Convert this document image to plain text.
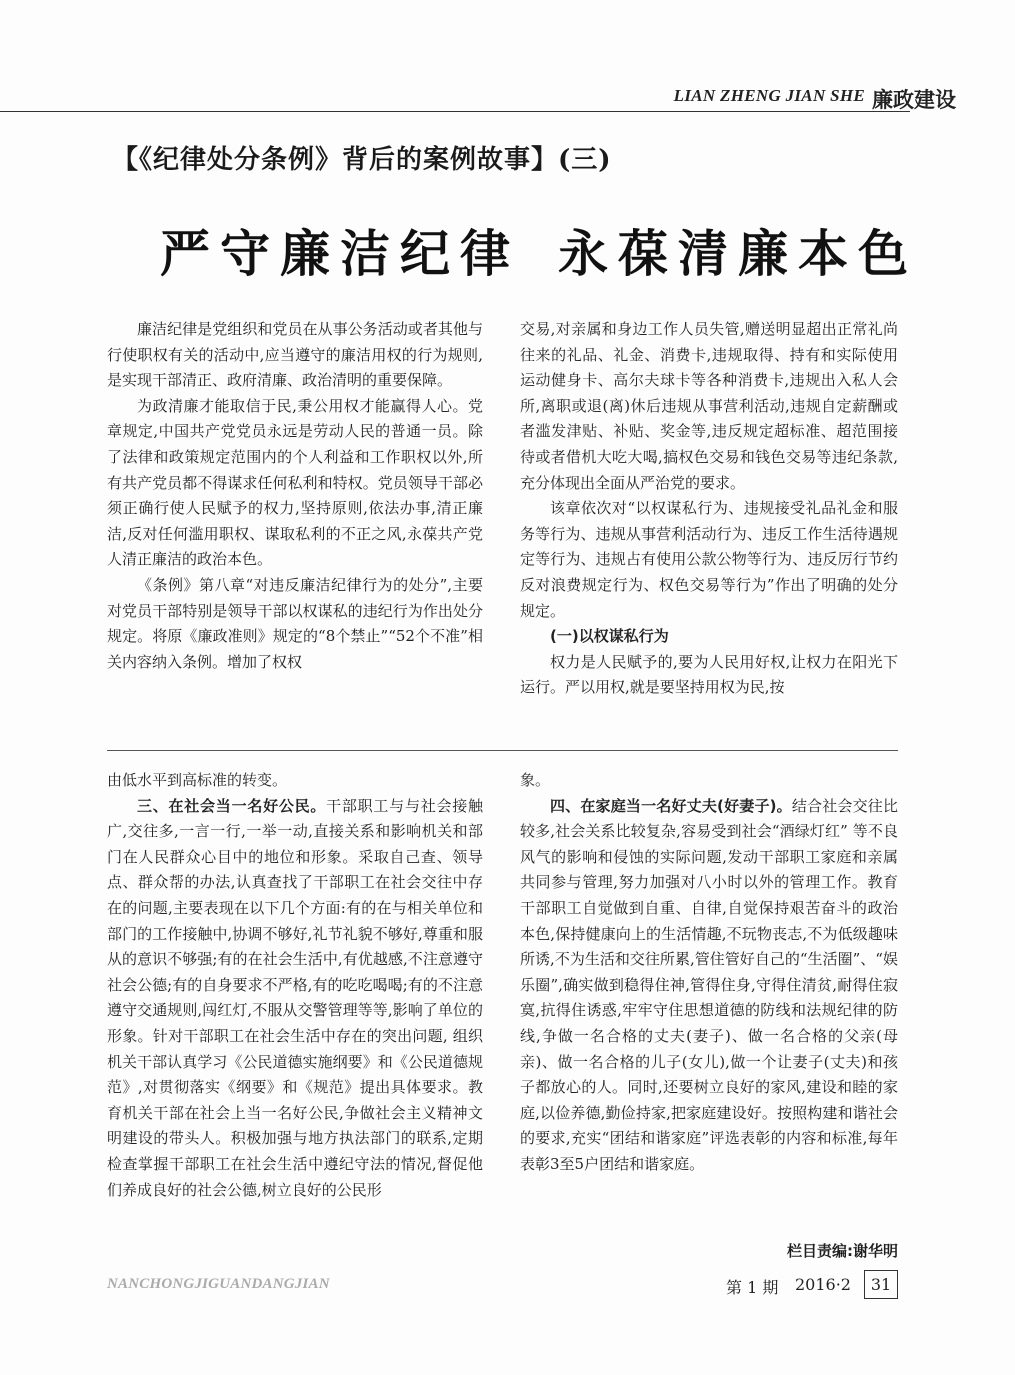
LIAN ZHENG JIAN SHE 廉政建设
【《纪律处分条例》背后的案例故事】(三)
严守廉洁纪律 永葆清廉本色

廉洁纪律是党组织和党员在从事公务活动或者其他与行使职权有关的活动中,应当遵守的廉洁用权的行为规则,是实现干部清正、政府清廉、政治清明的重要保障。

为政清廉才能取信于民,秉公用权才能赢得人心。党章规定,中国共产党党员永远是劳动人民的普通一员。除了法律和政策规定范围内的个人利益和工作职权以外,所有共产党员都不得谋求任何私利和特权。党员领导干部必须正确行使人民赋予的权力,坚持原则,依法办事,清正廉洁,反对任何滥用职权、谋取私利的不正之风,永葆共产党人清正廉洁的政治本色。

《条例》第八章“对违反廉洁纪律行为的处分”,主要对党员干部特别是领导干部以权谋私的违纪行为作出处分规定。将原《廉政准则》规定的“8个禁止”“52个不准”相关内容纳入条例。增加了权权

交易,对亲属和身边工作人员失管,赠送明显超出正常礼尚往来的礼品、礼金、消费卡,违规取得、持有和实际使用运动健身卡、高尔夫球卡等各种消费卡,违规出入私人会所,离职或退(离)休后违规从事营利活动,违规自定薪酬或者滥发津贴、补贴、奖金等,违反规定超标准、超范围接待或者借机大吃大喝,搞权色交易和钱色交易等违纪条款,充分体现出全面从严治党的要求。

该章依次对“以权谋私行为、违规接受礼品礼金和服务等行为、违规从事营利活动行为、违反工作生活待遇规定等行为、违规占有使用公款公物等行为、违反厉行节约反对浪费规定行为、权色交易等行为”作出了明确的处分规定。

(一)以权谋私行为

权力是人民赋予的,要为人民用好权,让权力在阳光下运行。严以用权,就是要坚持用权为民,按

由低水平到高标准的转变。

三、在社会当一名好公民。干部职工与与社会接触广,交往多,一言一行,一举一动,直接关系和影响机关和部门在人民群众心目中的地位和形象。采取自己查、领导点、群众帮的办法,认真查找了干部职工在社会交往中存在的问题,主要表现在以下几个方面:有的在与相关单位和部门的工作接触中,协调不够好,礼节礼貌不够好,尊重和服从的意识不够强;有的在社会生活中,有优越感,不注意遵守社会公德;有的自身要求不严格,有的吃吃喝喝;有的不注意遵守交通规则,闯红灯,不服从交警管理等等,影响了单位的形象。针对干部职工在社会生活中存在的突出问题, 组织机关干部认真学习《公民道德实施纲要》和《公民道德规范》,对贯彻落实《纲要》和《规范》提出具体要求。教育机关干部在社会上当一名好公民,争做社会主义精神文明建设的带头人。积极加强与地方执法部门的联系,定期检查掌握干部职工在社会生活中遵纪守法的情况,督促他们养成良好的社会公德,树立良好的公民形

象。

四、在家庭当一名好丈夫(好妻子)。结合社会交往比较多,社会关系比较复杂,容易受到社会“酒绿灯红” 等不良风气的影响和侵蚀的实际问题,发动干部职工家庭和亲属共同参与管理,努力加强对八小时以外的管理工作。教育干部职工自觉做到自重、自律,自觉保持艰苦奋斗的政治本色,保持健康向上的生活情趣,不玩物丧志,不为低级趣味所诱,不为生活和交往所累,管住管好自己的“生活圈”、“娱乐圈”,确实做到稳得住神,管得住身,守得住清贫,耐得住寂寞,抗得住诱惑,牢牢守住思想道德的防线和法规纪律的防线,争做一名合格的丈夫(妻子)、做一名合格的父亲(母亲)、做一名合格的儿子(女儿),做一个让妻子(丈夫)和孩子都放心的人。同时,还要树立良好的家风,建设和睦的家庭,以俭养德,勤俭持家,把家庭建设好。按照构建和谐社会的要求,充实“团结和谐家庭”评选表彰的内容和标准,每年表彰3至5户团结和谐家庭。

栏目责编:谢华明
NANCHONGJIGUANDANGJIAN	第 1 期 2016·2	31
